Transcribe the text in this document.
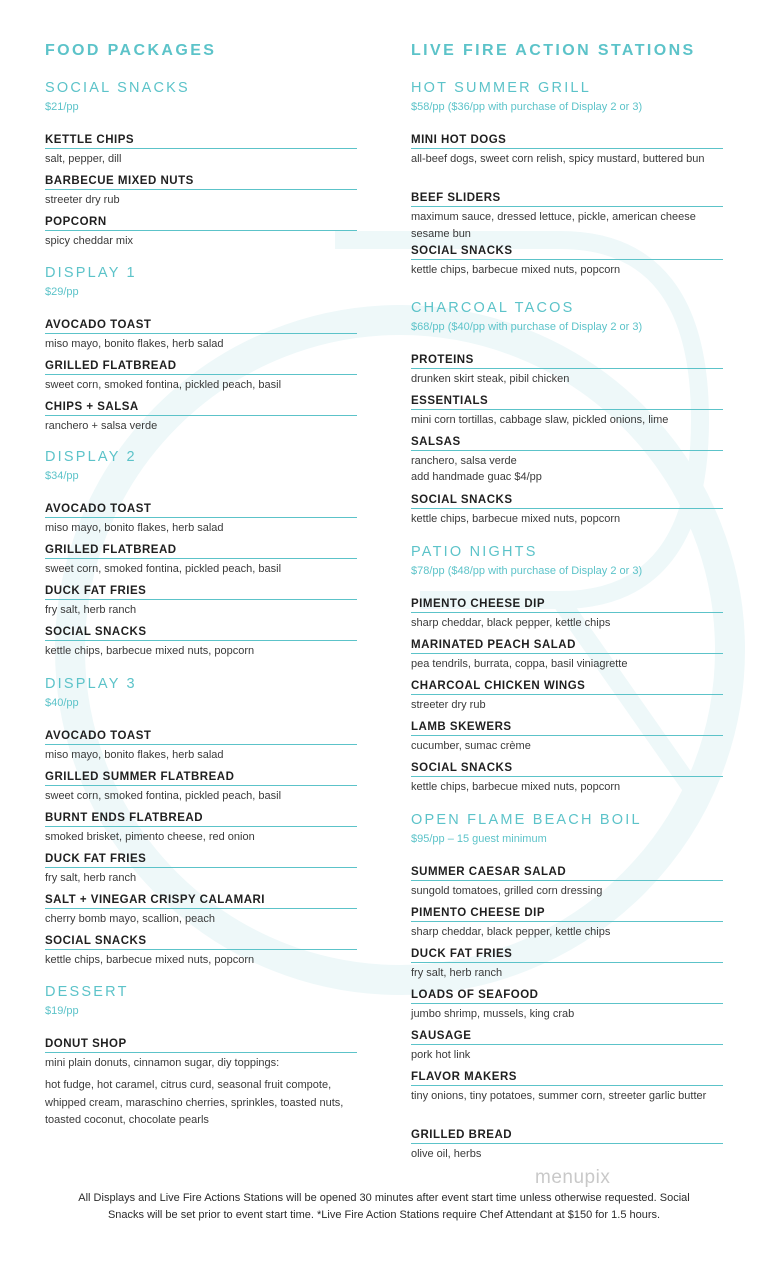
FOOD PACKAGES
SOCIAL SNACKS
$21/pp
KETTLE CHIPS
salt, pepper, dill
BARBECUE MIXED NUTS
streeter dry rub
POPCORN
spicy cheddar mix
DISPLAY 1
$29/pp
AVOCADO TOAST
miso mayo, bonito flakes, herb salad
GRILLED FLATBREAD
sweet corn, smoked fontina, pickled peach, basil
CHIPS + SALSA
ranchero + salsa verde
DISPLAY 2
$34/pp
AVOCADO TOAST
miso mayo, bonito flakes, herb salad
GRILLED FLATBREAD
sweet corn, smoked fontina, pickled peach, basil
DUCK FAT FRIES
fry salt, herb ranch
SOCIAL SNACKS
kettle chips, barbecue mixed nuts, popcorn
DISPLAY 3
$40/pp
AVOCADO TOAST
miso mayo, bonito flakes, herb salad
GRILLED SUMMER FLATBREAD
sweet corn, smoked fontina, pickled peach, basil
BURNT ENDS FLATBREAD
smoked brisket, pimento cheese, red onion
DUCK FAT FRIES
fry salt, herb ranch
SALT + VINEGAR CRISPY CALAMARI
cherry bomb mayo, scallion, peach
SOCIAL SNACKS
kettle chips, barbecue mixed nuts, popcorn
DESSERT
$19/pp
DONUT SHOP
mini plain donuts, cinnamon sugar, diy toppings:
hot fudge, hot caramel, citrus curd, seasonal fruit compote, whipped cream, maraschino cherries, sprinkles, toasted nuts, toasted coconut, chocolate pearls
LIVE FIRE ACTION STATIONS
HOT SUMMER GRILL
$58/pp ($36/pp with purchase of Display 2 or 3)
MINI HOT DOGS
all-beef dogs, sweet corn relish, spicy mustard, buttered bun
BEEF SLIDERS
maximum sauce, dressed lettuce, pickle, american cheese sesame bun
SOCIAL SNACKS
kettle chips, barbecue mixed nuts, popcorn
CHARCOAL TACOS
$68/pp ($40/pp with purchase of Display 2 or 3)
PROTEINS
drunken skirt steak, pibil chicken
ESSENTIALS
mini corn tortillas, cabbage slaw, pickled onions, lime
SALSAS
ranchero, salsa verde
add handmade guac $4/pp
SOCIAL SNACKS
kettle chips, barbecue mixed nuts, popcorn
PATIO NIGHTS
$78/pp ($48/pp with purchase of Display 2 or 3)
PIMENTO CHEESE DIP
sharp cheddar, black pepper, kettle chips
MARINATED PEACH SALAD
pea tendrils, burrata, coppa, basil viniagrette
CHARCOAL CHICKEN WINGS
streeter dry rub
LAMB SKEWERS
cucumber, sumac crème
SOCIAL SNACKS
kettle chips, barbecue mixed nuts, popcorn
OPEN FLAME BEACH BOIL
$95/pp – 15 guest minimum
SUMMER CAESAR SALAD
sungold tomatoes, grilled corn dressing
PIMENTO CHEESE DIP
sharp cheddar, black pepper, kettle chips
DUCK FAT FRIES
fry salt, herb ranch
LOADS OF SEAFOOD
jumbo shrimp, mussels, king crab
SAUSAGE
pork hot link
FLAVOR MAKERS
tiny onions, tiny potatoes, summer corn, streeter garlic butter
GRILLED BREAD
olive oil, herbs
menupix
All Displays and Live Fire Actions Stations will be opened 30 minutes after event start time unless otherwise requested. Social Snacks will be set prior to event start time. *Live Fire Action Stations require Chef Attendant at $150 for 1.5 hours.
